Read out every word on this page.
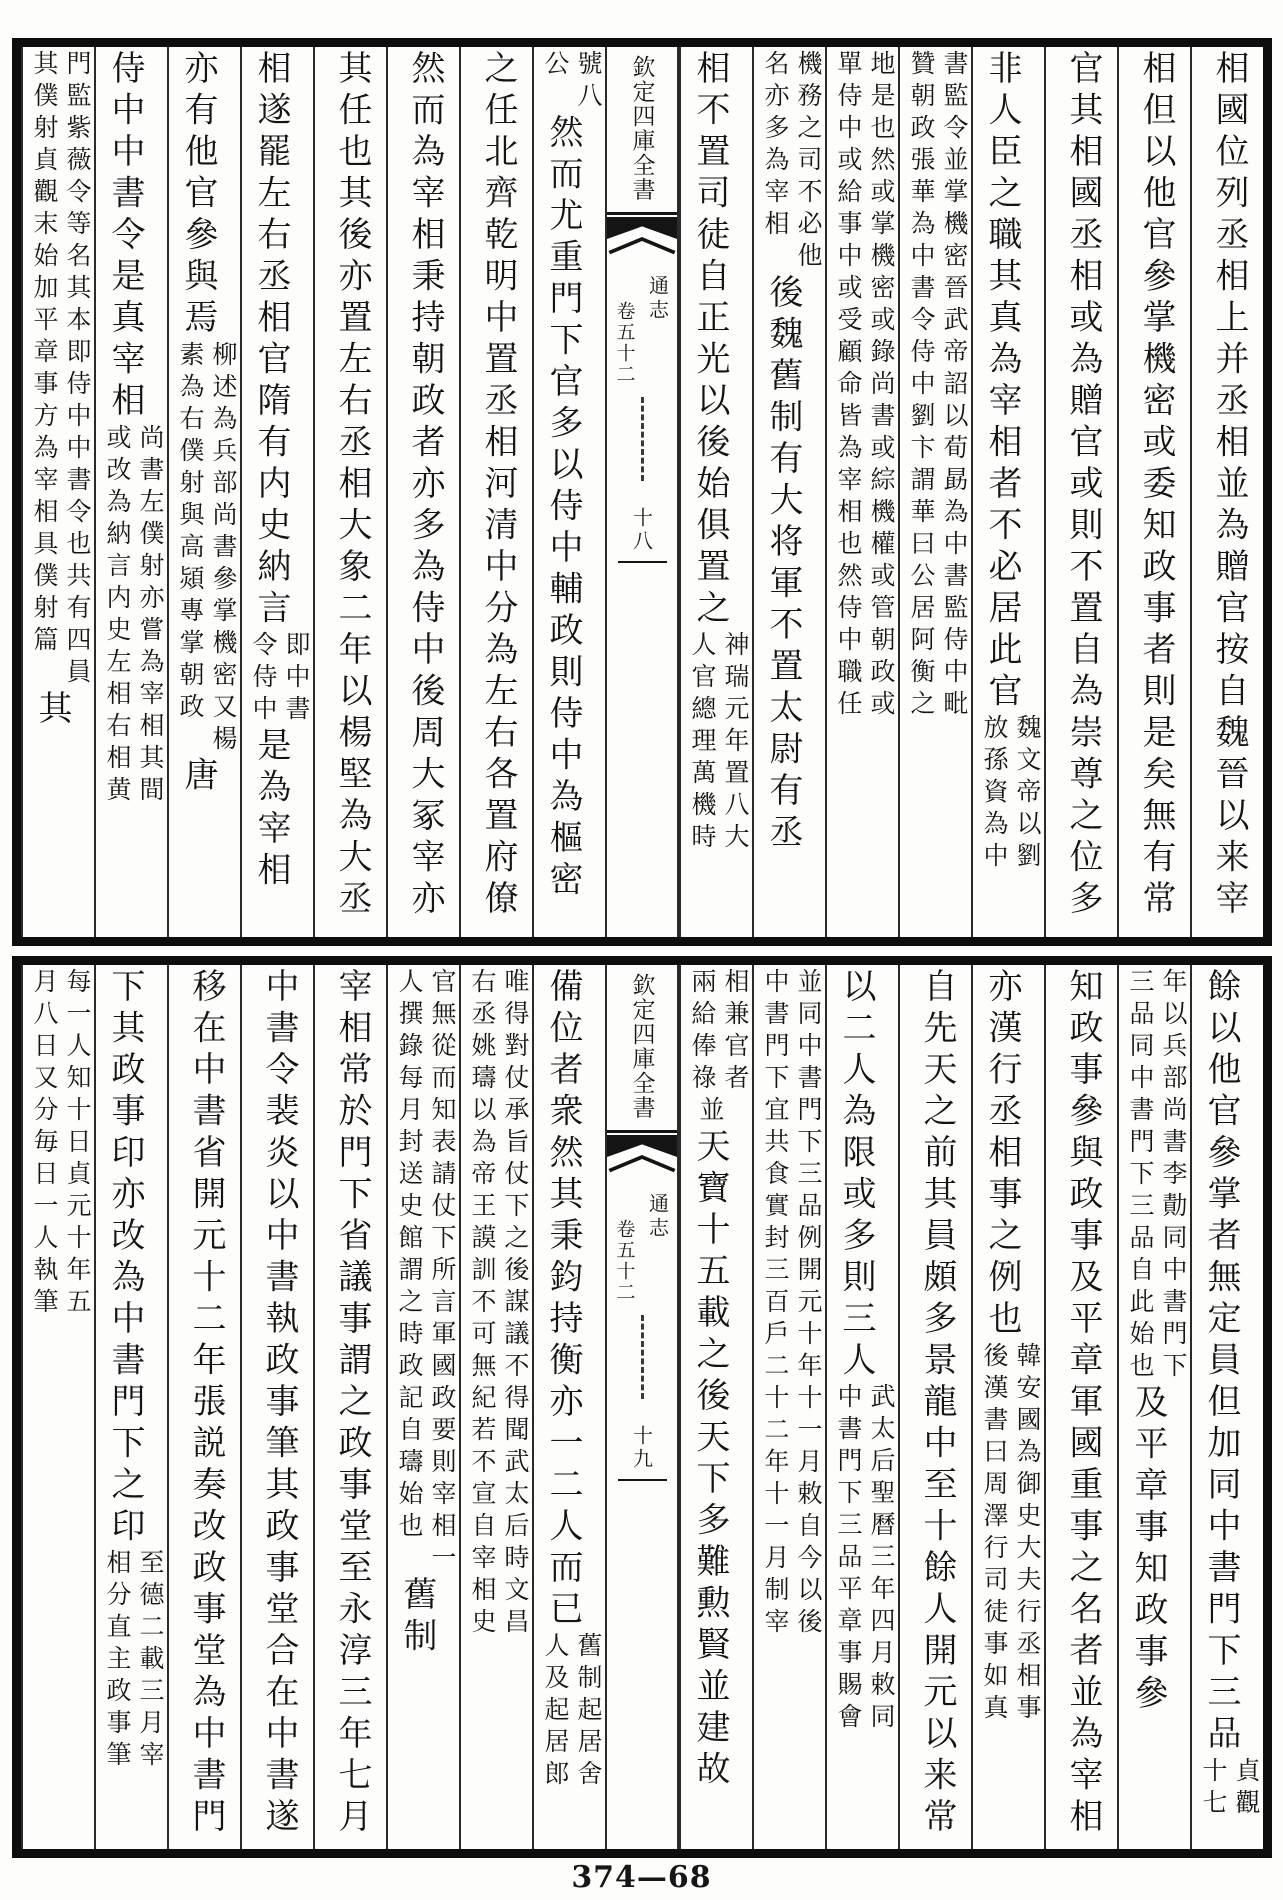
相國位列丞相上并丞相並為贈官按自魏晉以来宰
相但以他官參掌機密或委知政事者則是矣無有常
官其相國丞相或為贈官或則不置自為崇尊之位多
非人臣之職其真為宰相者不必居此官魏文帝以劉放孫資為中
書監令並掌機密晉武帝詔以荀勗為中書監侍中毗贊朝政張華為中書令侍中劉卞謂華曰公居阿衡之
地是也然或掌機密或錄尚書或綜機權或管朝政或單侍中或給事中或受顧命皆為宰相也然侍中職任
機務之司不必他名亦多為宰相後魏舊制有大将軍不置太尉有丞
相不置司徒自正光以後始俱置之神瑞元年置八大人官總理萬機時
欽定四庫全書
通志
卷五十二
十八
號八公然而尤重門下官多以侍中輔政則侍中為樞密
之任北齊乾明中置丞相河清中分為左右各置府僚
然而為宰相秉持朝政者亦多為侍中後周大冢宰亦
其任也其後亦置左右丞相大象二年以楊堅為大丞
相遂罷左右丞相官隋有内史納言即中書令侍中是為宰相
亦有他官參與焉柳述為兵部尚書參掌機密又楊素為右僕射與高熲專掌朝政唐
侍中中書令是真宰相尚書左僕射亦嘗為宰相其間或改為納言内史左相右相黄
門監紫薇令等名其本即侍中中書令也共有四員其僕射貞觀末始加平章事方為宰相具僕射篇其
餘以他官參掌者無定員但加同中書門下三品貞觀十七
年以兵部尚書李勣同中書門下三品同中書門下三品自此始也及平章事知政事參
知政事參與政事及平章軍國重事之名者並為宰相
亦漢行丞相事之例也韓安國為御史大夫行丞相事後漢書曰周澤行司徒事如真
自先天之前其員頗多景龍中至十餘人開元以来常
以二人為限或多則三人武太后聖曆三年四月敕同中書門下三品平章事賜會
並同中書門下三品例開元十年十一月敕自今以後中書門下宜共食實封三百戶二十二年十一月制宰
相兼官者兩給俸祿並天寶十五載之後天下多難勲賢並建故
欽定四庫全書
通志
卷五十二
十九
備位者衆然其秉鈞持衡亦一二人而已舊制起居舍人及起居郎
唯得對仗承旨仗下之後謀議不得聞武太后時文昌右丞姚璹以為帝王謨訓不可無紀若不宣自宰相史
官無從而知表請仗下所言軍國政要則宰相一人撰錄每月封送史館謂之時政記自璹始也舊制
宰相常於門下省議事謂之政事堂至永淳三年七月
中書令裴炎以中書執政事筆其政事堂合在中書遂
移在中書省開元十二年張説奏改政事堂為中書門
下其政事印亦改為中書門下之印至德二載三月宰相分直主政事筆
每一人知十日貞元十年五月八日又分毎日一人執筆
374—68
